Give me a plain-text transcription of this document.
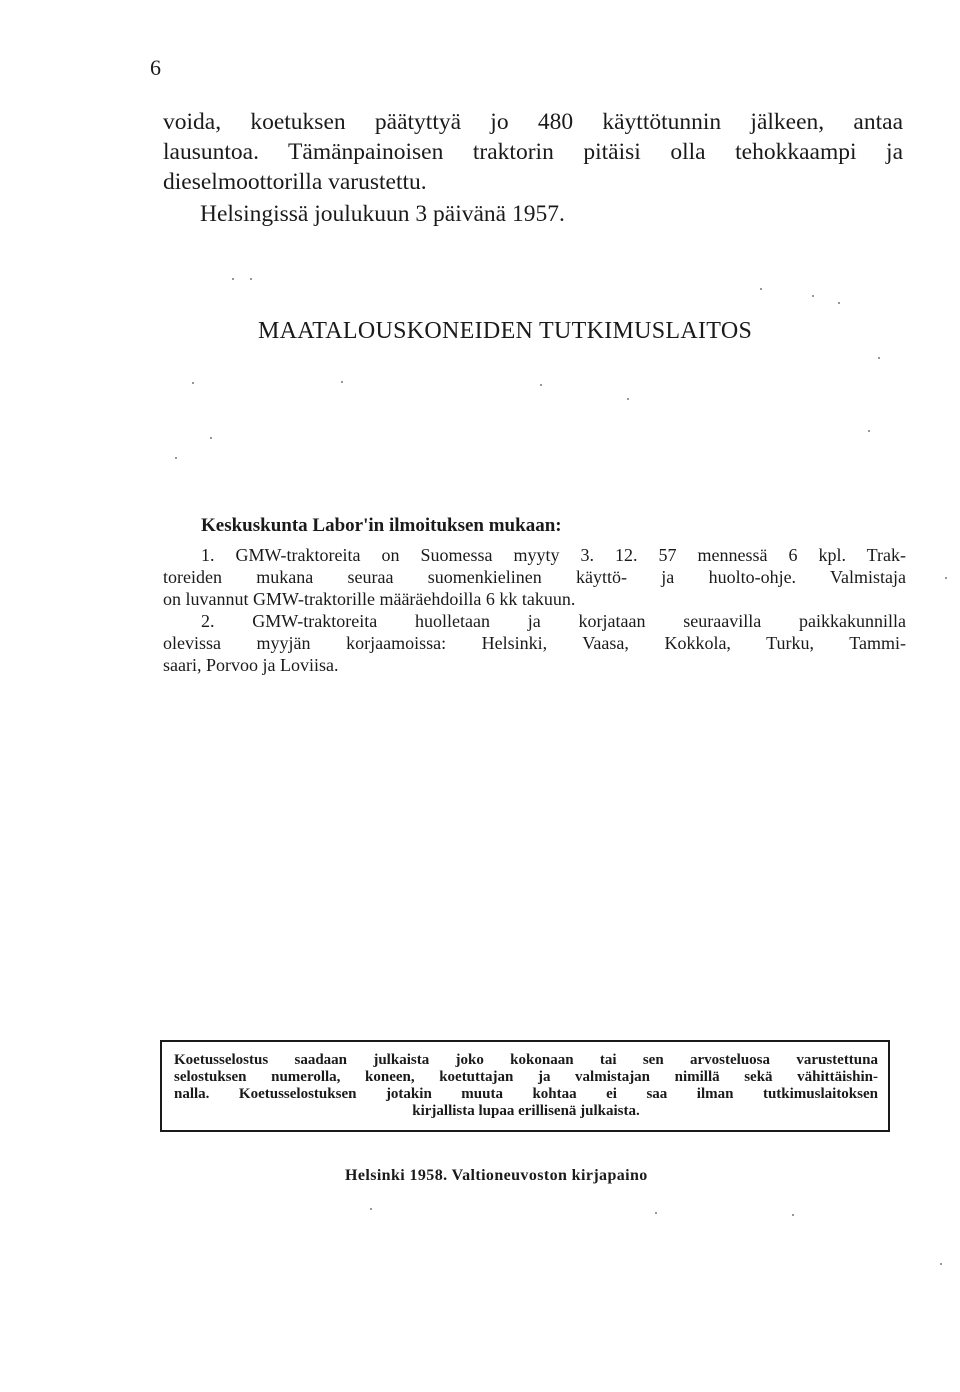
6
voida, koetuksen päätyttyä jo 480 käyttötunnin jälkeen, antaa
lausuntoa. Tämänpainoisen traktorin pitäisi olla tehokkaampi ja
dieselmoottorilla varustettu.
Helsingissä joulukuun 3 päivänä 1957.
MAATALOUSKONEIDEN TUTKIMUSLAITOS
Keskuskunta Labor'in ilmoituksen mukaan:
1. GMW-traktoreita on Suomessa myyty 3. 12. 57 mennessä 6 kpl. Trak-
toreiden mukana seuraa suomenkielinen käyttö- ja huolto-ohje. Valmistaja
on luvannut GMW-traktorille määräehdoilla 6 kk takuun.
2. GMW-traktoreita huolletaan ja korjataan seuraavilla paikkakunnilla
olevissa myyjän korjaamoissa: Helsinki, Vaasa, Kokkola, Turku, Tammi-
saari, Porvoo ja Loviisa.
Koetusselostus saadaan julkaista joko kokonaan tai sen arvosteluosa varustettuna
selostuksen numerolla, koneen, koetuttajan ja valmistajan nimillä sekä vähittäishin-
nalla. Koetusselostuksen jotakin muuta kohtaa ei saa ilman tutkimuslaitoksen
kirjallista lupaa erillisenä julkaista.
Helsinki 1958. Valtioneuvoston kirjapaino
